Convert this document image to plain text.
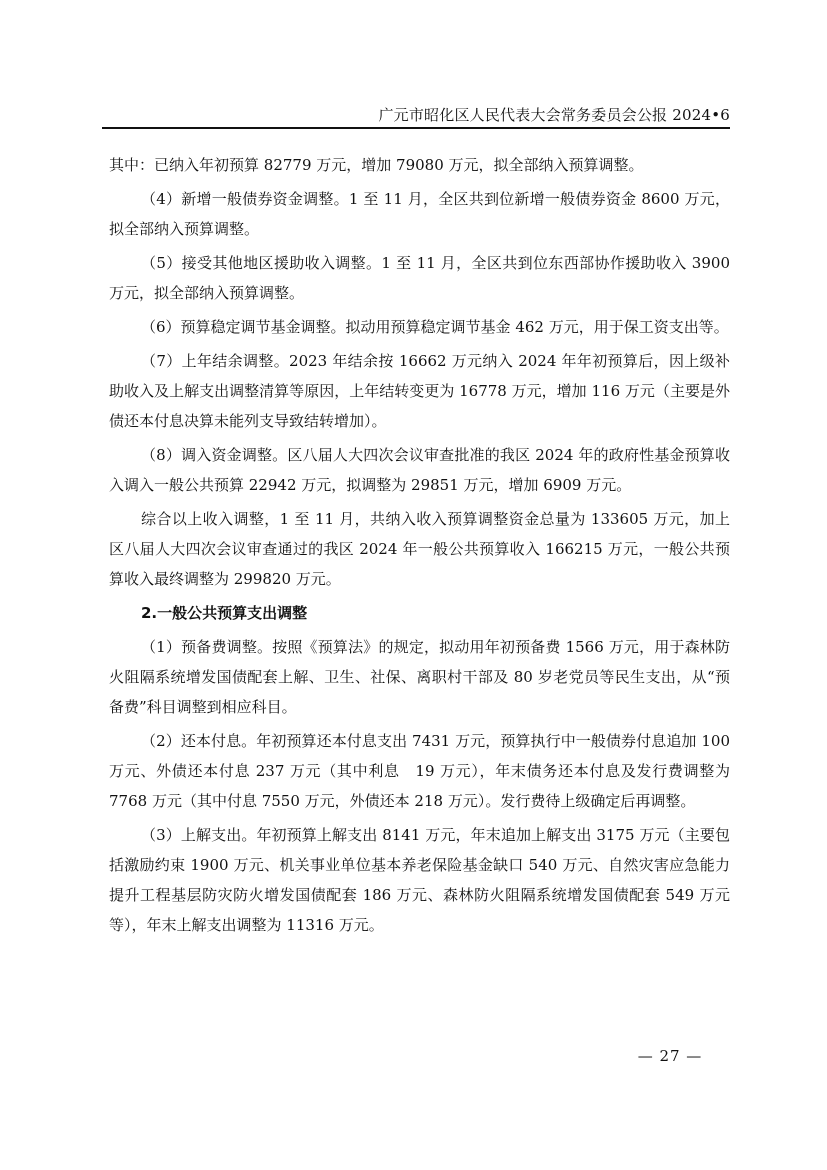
广元市昭化区人民代表大会常务委员会公报 2024•6

其中：已纳入年初预算 82779 万元，增加 79080 万元，拟全部纳入预算调整。

（4）新增一般债券资金调整。1 至 11 月，全区共到位新增一般债券资金 8600 万元，拟全部纳入预算调整。

（5）接受其他地区援助收入调整。1 至 11 月，全区共到位东西部协作援助收入 3900 万元，拟全部纳入预算调整。

（6）预算稳定调节基金调整。拟动用预算稳定调节基金 462 万元，用于保工资支出等。

（7）上年结余调整。2023 年结余按 16662 万元纳入 2024 年年初预算后，因上级补助收入及上解支出调整清算等原因，上年结转变更为 16778 万元，增加 116 万元（主要是外债还本付息决算未能列支导致结转增加）。

（8）调入资金调整。区八届人大四次会议审查批准的我区 2024 年的政府性基金预算收入调入一般公共预算 22942 万元，拟调整为 29851 万元，增加 6909 万元。

综合以上收入调整，1 至 11 月，共纳入收入预算调整资金总量为 133605 万元，加上区八届人大四次会议审查通过的我区 2024 年一般公共预算收入 166215 万元，一般公共预算收入最终调整为 299820 万元。

2.一般公共预算支出调整

（1）预备费调整。按照《预算法》的规定，拟动用年初预备费 1566 万元，用于森林防火阻隔系统增发国债配套上解、卫生、社保、离职村干部及 80 岁老党员等民生支出，从“预备费”科目调整到相应科目。

（2）还本付息。年初预算还本付息支出 7431 万元，预算执行中一般债券付息追加 100 万元、外债还本付息 237 万元（其中利息　19 万元），年末债务还本付息及发行费调整为 7768 万元（其中付息 7550 万元，外债还本 218 万元）。发行费待上级确定后再调整。

（3）上解支出。年初预算上解支出 8141 万元，年末追加上解支出 3175 万元（主要包括激励约束 1900 万元、机关事业单位基本养老保险基金缺口 540 万元、自然灾害应急能力提升工程基层防灾防火增发国债配套 186 万元、森林防火阻隔系统增发国债配套 549 万元等），年末上解支出调整为 11316 万元。

— 27 —
